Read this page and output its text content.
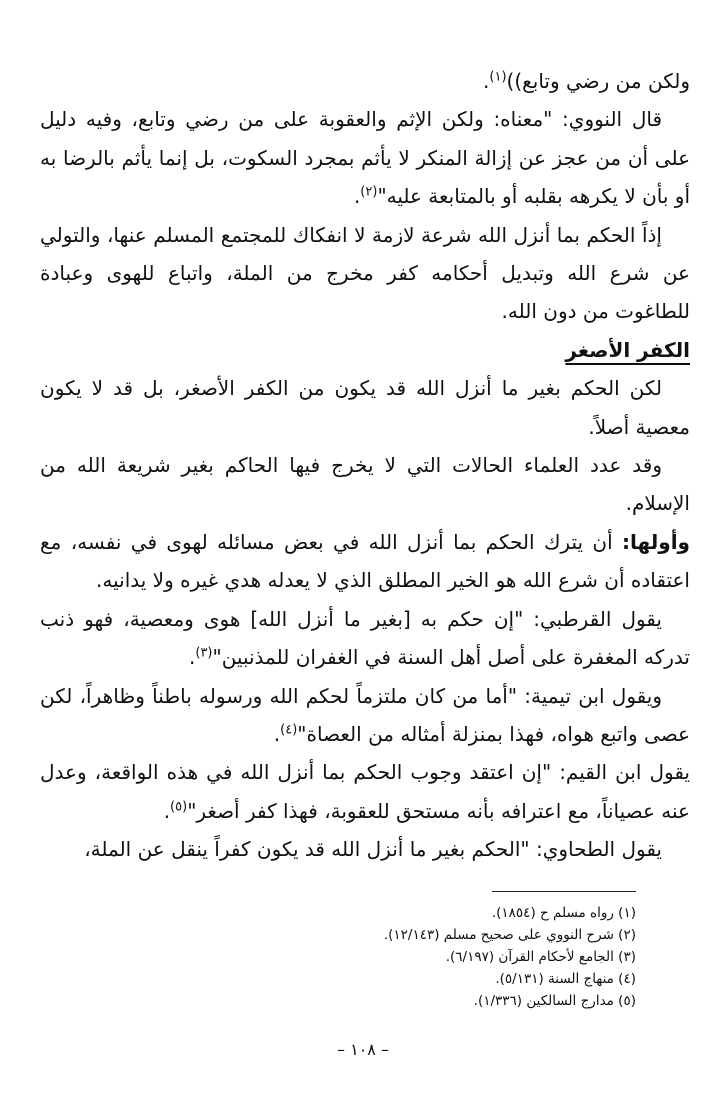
ولكن من رضي وتابع))$^{(١)}$.

قال النووي: "معناه: ولكن الإثم والعقوبة على من رضي وتابع، وفيه دليل على أن من عجز عن إزالة المنكر لا يأثم بمجرد السكوت، بل إنما يأثم بالرضا به أو بأن لا يكرهه بقلبه أو بالمتابعة عليه"$^{(٢)}$.

إذاً الحكم بما أنزل الله شرعة لازمة لا انفكاك للمجتمع المسلم عنها، والتولي عن شرع الله وتبديل أحكامه كفر مخرج من الملة، واتباع للهوى وعبادة للطاغوت من دون الله.

الكفر الأصغر

لكن الحكم بغير ما أنزل الله قد يكون من الكفر الأصغر، بل قد لا يكون معصية أصلاً.

وقد عدد العلماء الحالات التي لا يخرج فيها الحاكم بغير شريعة الله من الإسلام.

وأولها: أن يترك الحكم بما أنزل الله في بعض مسائله لهوى في نفسه، مع اعتقاده أن شرع الله هو الخير المطلق الذي لا يعدله هدي غيره ولا يدانيه.

يقول القرطبي: "إن حكم به [بغير ما أنزل الله] هوى ومعصية، فهو ذنب تدركه المغفرة على أصل أهل السنة في الغفران للمذنبين"$^{(٣)}$.

ويقول ابن تيمية: "أما من كان ملتزماً لحكم الله ورسوله باطناً وظاهراً، لكن عصى واتبع هواه، فهذا بمنزلة أمثاله من العصاة"$^{(٤)}$.

يقول ابن القيم: "إن اعتقد وجوب الحكم بما أنزل الله في هذه الواقعة، وعدل عنه عصياناً، مع اعترافه بأنه مستحق للعقوبة، فهذا كفر أصغر"$^{(٥)}$.

يقول الطحاوي: "الحكم بغير ما أنزل الله قد يكون كفراً ينقل عن الملة،

(١) رواه مسلم ح (١٨٥٤).
(٢) شرح النووي على صحيح مسلم (١٢/١٤٣).
(٣) الجامع لأحكام القرآن (٦/١٩٧).
(٤) منهاج السنة (٥/١٣١).
(٥) مدارج السالكين (١/٣٣٦).
– ١٠٨ –
